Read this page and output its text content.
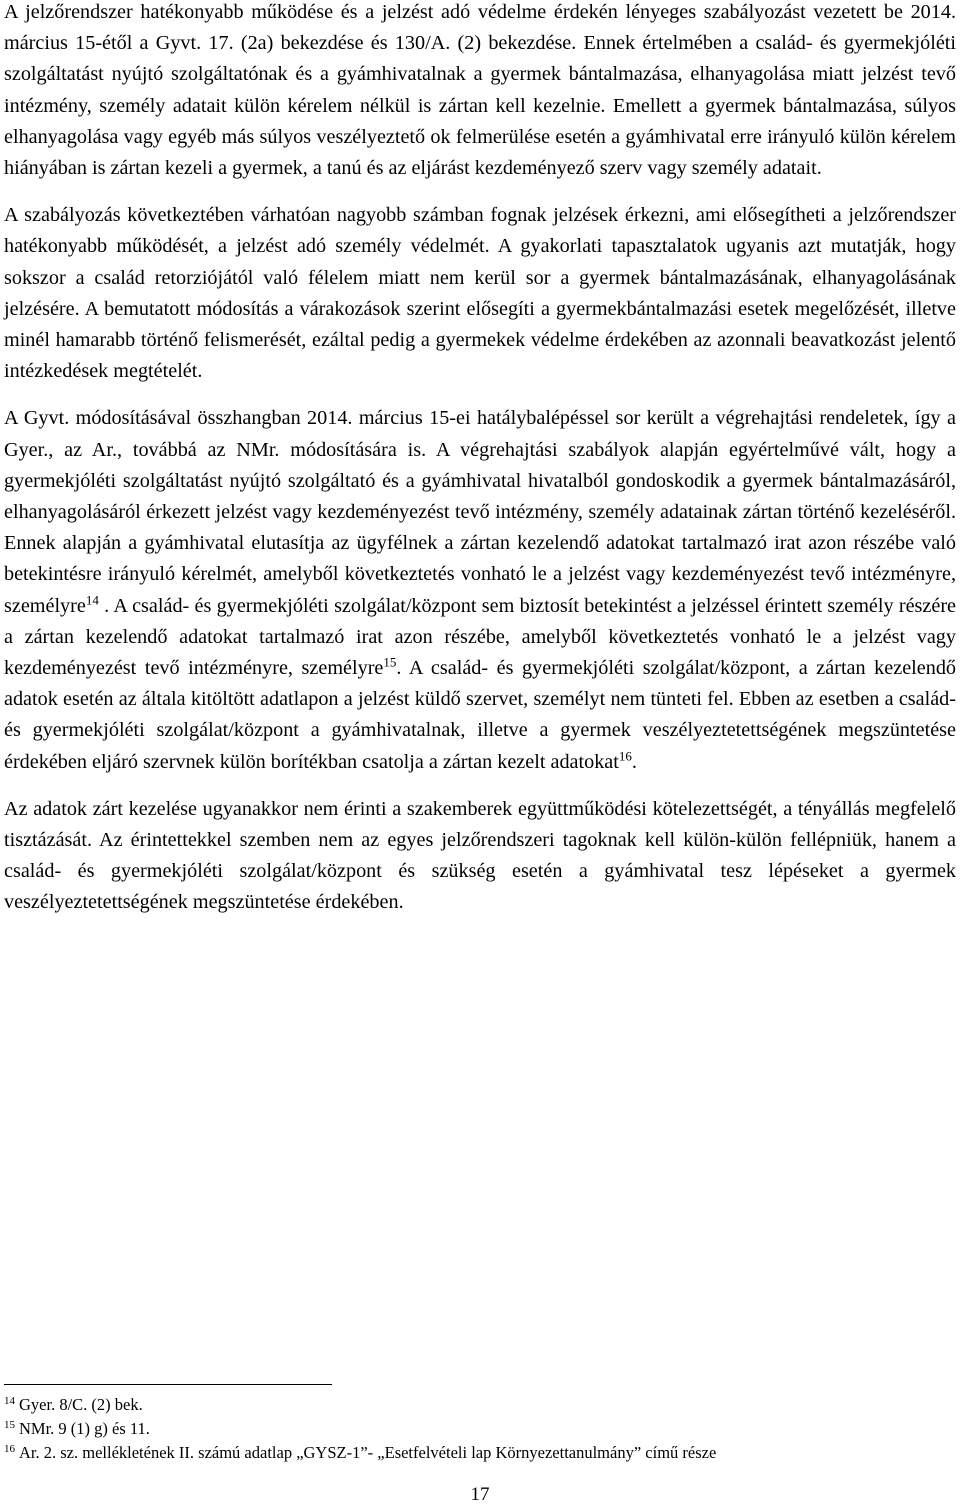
A jelzőrendszer hatékonyabb működése és a jelzést adó védelme érdekén lényeges szabályozást vezetett be 2014. március 15-étől a Gyvt. 17. (2a) bekezdése és 130/A. (2) bekezdése. Ennek értelmében a család- és gyermekjóléti szolgáltatást nyújtó szolgáltatónak és a gyámhivatalnak a gyermek bántalmazása, elhanyagolása miatt jelzést tevő intézmény, személy adatait külön kérelem nélkül is zártan kell kezelnie. Emellett a gyermek bántalmazása, súlyos elhanyagolása vagy egyéb más súlyos veszélyeztető ok felmerülése esetén a gyámhivatal erre irányuló külön kérelem hiányában is zártan kezeli a gyermek, a tanú és az eljárást kezdeményező szerv vagy személy adatait.

A szabályozás következtében várhatóan nagyobb számban fognak jelzések érkezni, ami elősegítheti a jelzőrendszer hatékonyabb működését, a jelzést adó személy védelmét. A gyakorlati tapasztalatok ugyanis azt mutatják, hogy sokszor a család retorziójától való félelem miatt nem kerül sor a gyermek bántalmazásának, elhanyagolásának jelzésére. A bemutatott módosítás a várakozások szerint elősegíti a gyermekbántalmazási esetek megelőzését, illetve minél hamarabb történő felismerését, ezáltal pedig a gyermekek védelme érdekében az azonnali beavatkozást jelentő intézkedések megtételét.

A Gyvt. módosításával összhangban 2014. március 15-ei hatálybalépéssel sor került a végrehajtási rendeletek, így a Gyer., az Ar., továbbá az NMr. módosítására is. A végrehajtási szabályok alapján egyértelművé vált, hogy a gyermekjóléti szolgáltatást nyújtó szolgáltató és a gyámhivatal hivatalból gondoskodik a gyermek bántalmazásáról, elhanyagolásáról érkezett jelzést vagy kezdeményezést tevő intézmény, személy adatainak zártan történő kezeléséről. Ennek alapján a gyámhivatal elutasítja az ügyfélnek a zártan kezelendő adatokat tartalmazó irat azon részébe való betekintésre irányuló kérelmét, amelyből következtetés vonható le a jelzést vagy kezdeményezést tevő intézményre, személyre$^{14}$ . A család- és gyermekjóléti szolgálat/központ sem biztosít betekintést a jelzéssel érintett személy részére a zártan kezelendő adatokat tartalmazó irat azon részébe, amelyből következtetés vonható le a jelzést vagy kezdeményezést tevő intézményre, személyre$^{15}$. A család- és gyermekjóléti szolgálat/központ, a zártan kezelendő adatok esetén az általa kitöltött adatlapon a jelzést küldő szervet, személyt nem tünteti fel. Ebben az esetben a család- és gyermekjóléti szolgálat/központ a gyámhivatalnak, illetve a gyermek veszélyeztetettségének megszüntetése érdekében eljáró szervnek külön borítékban csatolja a zártan kezelt adatokat$^{16}$.

Az adatok zárt kezelése ugyanakkor nem érinti a szakemberek együttműködési kötelezettségét, a tényállás megfelelő tisztázását. Az érintettekkel szemben nem az egyes jelzőrendszeri tagoknak kell külön-külön fellépniük, hanem a család- és gyermekjóléti szolgálat/központ és szükség esetén a gyámhivatal tesz lépéseket a gyermek veszélyeztetettségének megszüntetése érdekében.

$^{14}$ Gyer. 8/C. (2) bek.

$^{15}$ NMr. 9 (1) g) és 11.

$^{16}$ Ar. 2. sz. mellékletének II. számú adatlap „GYSZ-1”- „Esetfelvételi lap Környezettanulmány” című része

17
